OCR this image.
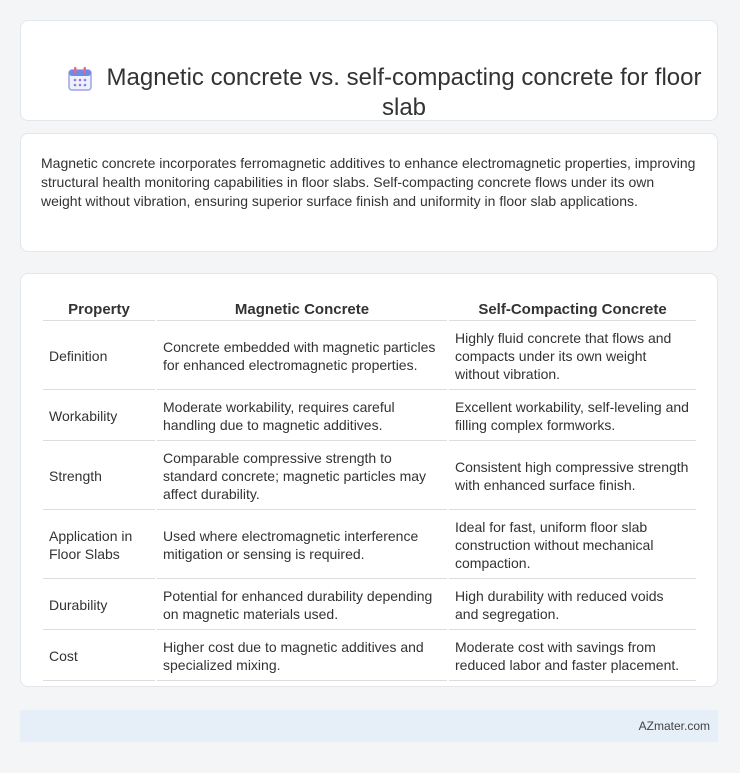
Magnetic concrete vs. self-compacting concrete for floor slab

Magnetic concrete incorporates ferromagnetic additives to enhance electromagnetic properties, improving structural health monitoring capabilities in floor slabs. Self-compacting concrete flows under its own weight without vibration, ensuring superior surface finish and uniformity in floor slab applications.

Property	Magnetic Concrete	Self-Compacting Concrete
Definition	Concrete embedded with magnetic particles for enhanced electromagnetic properties.	Highly fluid concrete that flows and compacts under its own weight without vibration.
Workability	Moderate workability, requires careful handling due to magnetic additives.	Excellent workability, self-leveling and filling complex formworks.
Strength	Comparable compressive strength to standard concrete; magnetic particles may affect durability.	Consistent high compressive strength with enhanced surface finish.
Application in Floor Slabs	Used where electromagnetic interference mitigation or sensing is required.	Ideal for fast, uniform floor slab construction without mechanical compaction.
Durability	Potential for enhanced durability depending on magnetic materials used.	High durability with reduced voids and segregation.
Cost	Higher cost due to magnetic additives and specialized mixing.	Moderate cost with savings from reduced labor and faster placement.
AZmater.com
